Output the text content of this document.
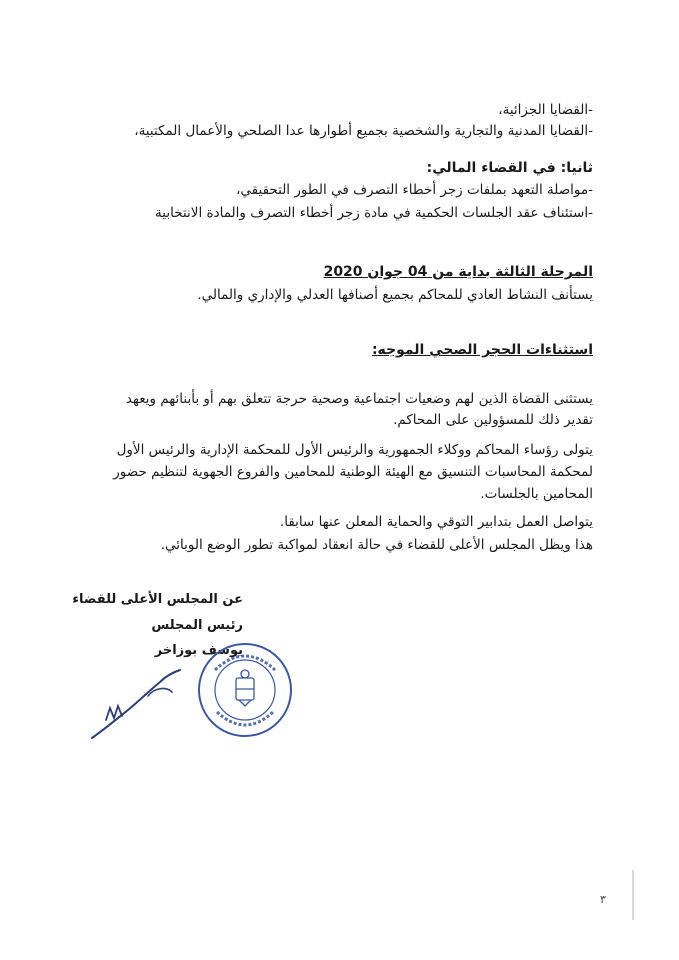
-القضايا الجزائية،
-القضايا المدنية والتجارية والشخصية بجميع أطوارها عدا الصلحي والأعمال المكتبية،
ثانيا: في القضاء المالي:
-مواصلة التعهد بملفات زجر أخطاء التصرف في الطور التحقيقي،
-استئناف عقد الجلسات الحكمية في مادة زجر أخطاء التصرف والمادة الانتخابية
المرحلة الثالثة بداية من 04 جوان 2020
يستأنف النشاط العادي للمحاكم بجميع أصنافها العدلي والإداري والمالي.
استثناءات الحجر الصحي الموجه:
يستثنى القضاة الذين لهم وضعيات اجتماعية وصحية حرجة تتعلق بهم أو بأبنائهم ويعهد
تقدير ذلك للمسؤولين على المحاكم.
يتولى رؤساء المحاكم ووكلاء الجمهورية والرئيس الأول للمحكمة الإدارية والرئيس الأول
لمحكمة المحاسبات التنسيق مع الهيئة الوطنية للمحامين والفروع الجهوية لتنظيم حضور
المحامين بالجلسات.
يتواصل العمل بتدابير التوقي والحماية المعلن عنها سابقا.
هذا ويظل المجلس الأعلى للقضاء في حالة انعقاد لمواكبة تطور الوضع الوبائي.
عن المجلس الأعلى للقضاء
رئيس المجلس
يوسف بوزاخر
٣
